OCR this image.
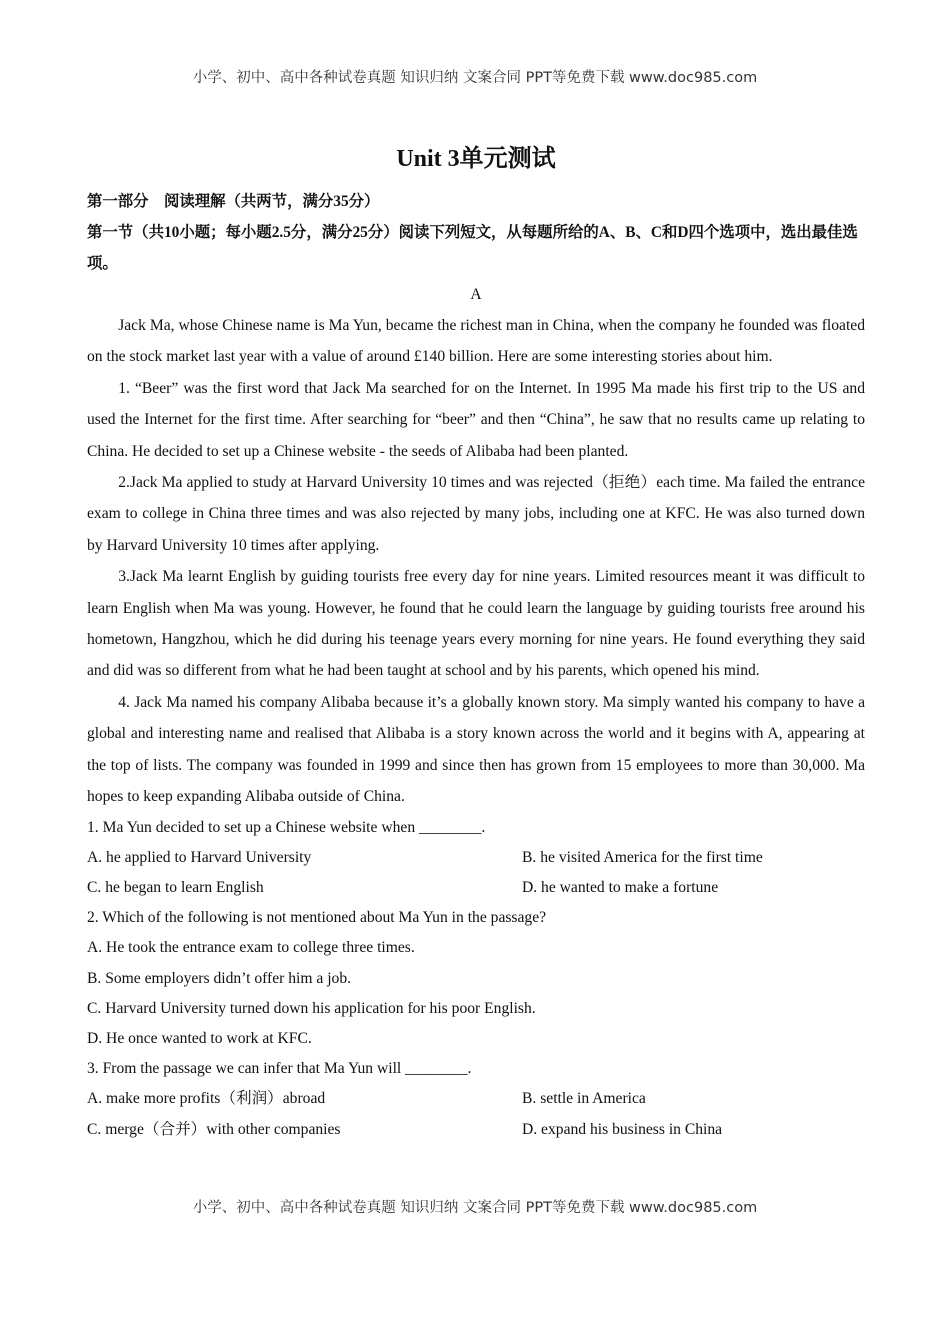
小学、初中、高中各种试卷真题 知识归纳 文案合同 PPT等免费下载 www.doc985.com
Unit 3单元测试
第一部分　阅读理解（共两节，满分35分）
第一节（共10小题；每小题2.5分，满分25分）阅读下列短文，从每题所给的A、B、C和D四个选项中，选出最佳选项。
A

Jack Ma, whose Chinese name is Ma Yun, became the richest man in China, when the company he founded was floated on the stock market last year with a value of around £140 billion. Here are some interesting stories about him.

1. “Beer” was the first word that Jack Ma searched for on the Internet. In 1995 Ma made his first trip to the US and used the Internet for the first time. After searching for “beer” and then “China”, he saw that no results came up relating to China. He decided to set up a Chinese website - the seeds of Alibaba had been planted.

2.Jack Ma applied to study at Harvard University 10 times and was rejected（拒绝）each time. Ma failed the entrance exam to college in China three times and was also rejected by many jobs, including one at KFC. He was also turned down by Harvard University 10 times after applying.

3.Jack Ma learnt English by guiding tourists free every day for nine years. Limited resources meant it was difficult to learn English when Ma was young. However, he found that he could learn the language by guiding tourists free around his hometown, Hangzhou, which he did during his teenage years every morning for nine years. He found everything they said and did was so different from what he had been taught at school and by his parents, which opened his mind.

4. Jack Ma named his company Alibaba because it’s a globally known story. Ma simply wanted his company to have a global and interesting name and realised that Alibaba is a story known across the world and it begins with A, appearing at the top of lists. The company was founded in 1999 and since then has grown from 15 employees to more than 30,000. Ma hopes to keep expanding Alibaba outside of China.

1. Ma Yun decided to set up a Chinese website when ________.

A. he applied to Harvard University	B. he visited America for the first time
C. he began to learn English	D. he wanted to make a fortune

2. Which of the following is not mentioned about Ma Yun in the passage?

A. He took the entrance exam to college three times.

B. Some employers didn’t offer him a job.

C. Harvard University turned down his application for his poor English.

D. He once wanted to work at KFC.

3. From the passage we can infer that Ma Yun will ________.

A. make more profits（利润）abroad	B. settle in America
C. merge（合并）with other companies	D. expand his business in China
小学、初中、高中各种试卷真题 知识归纳 文案合同 PPT等免费下载 www.doc985.com
